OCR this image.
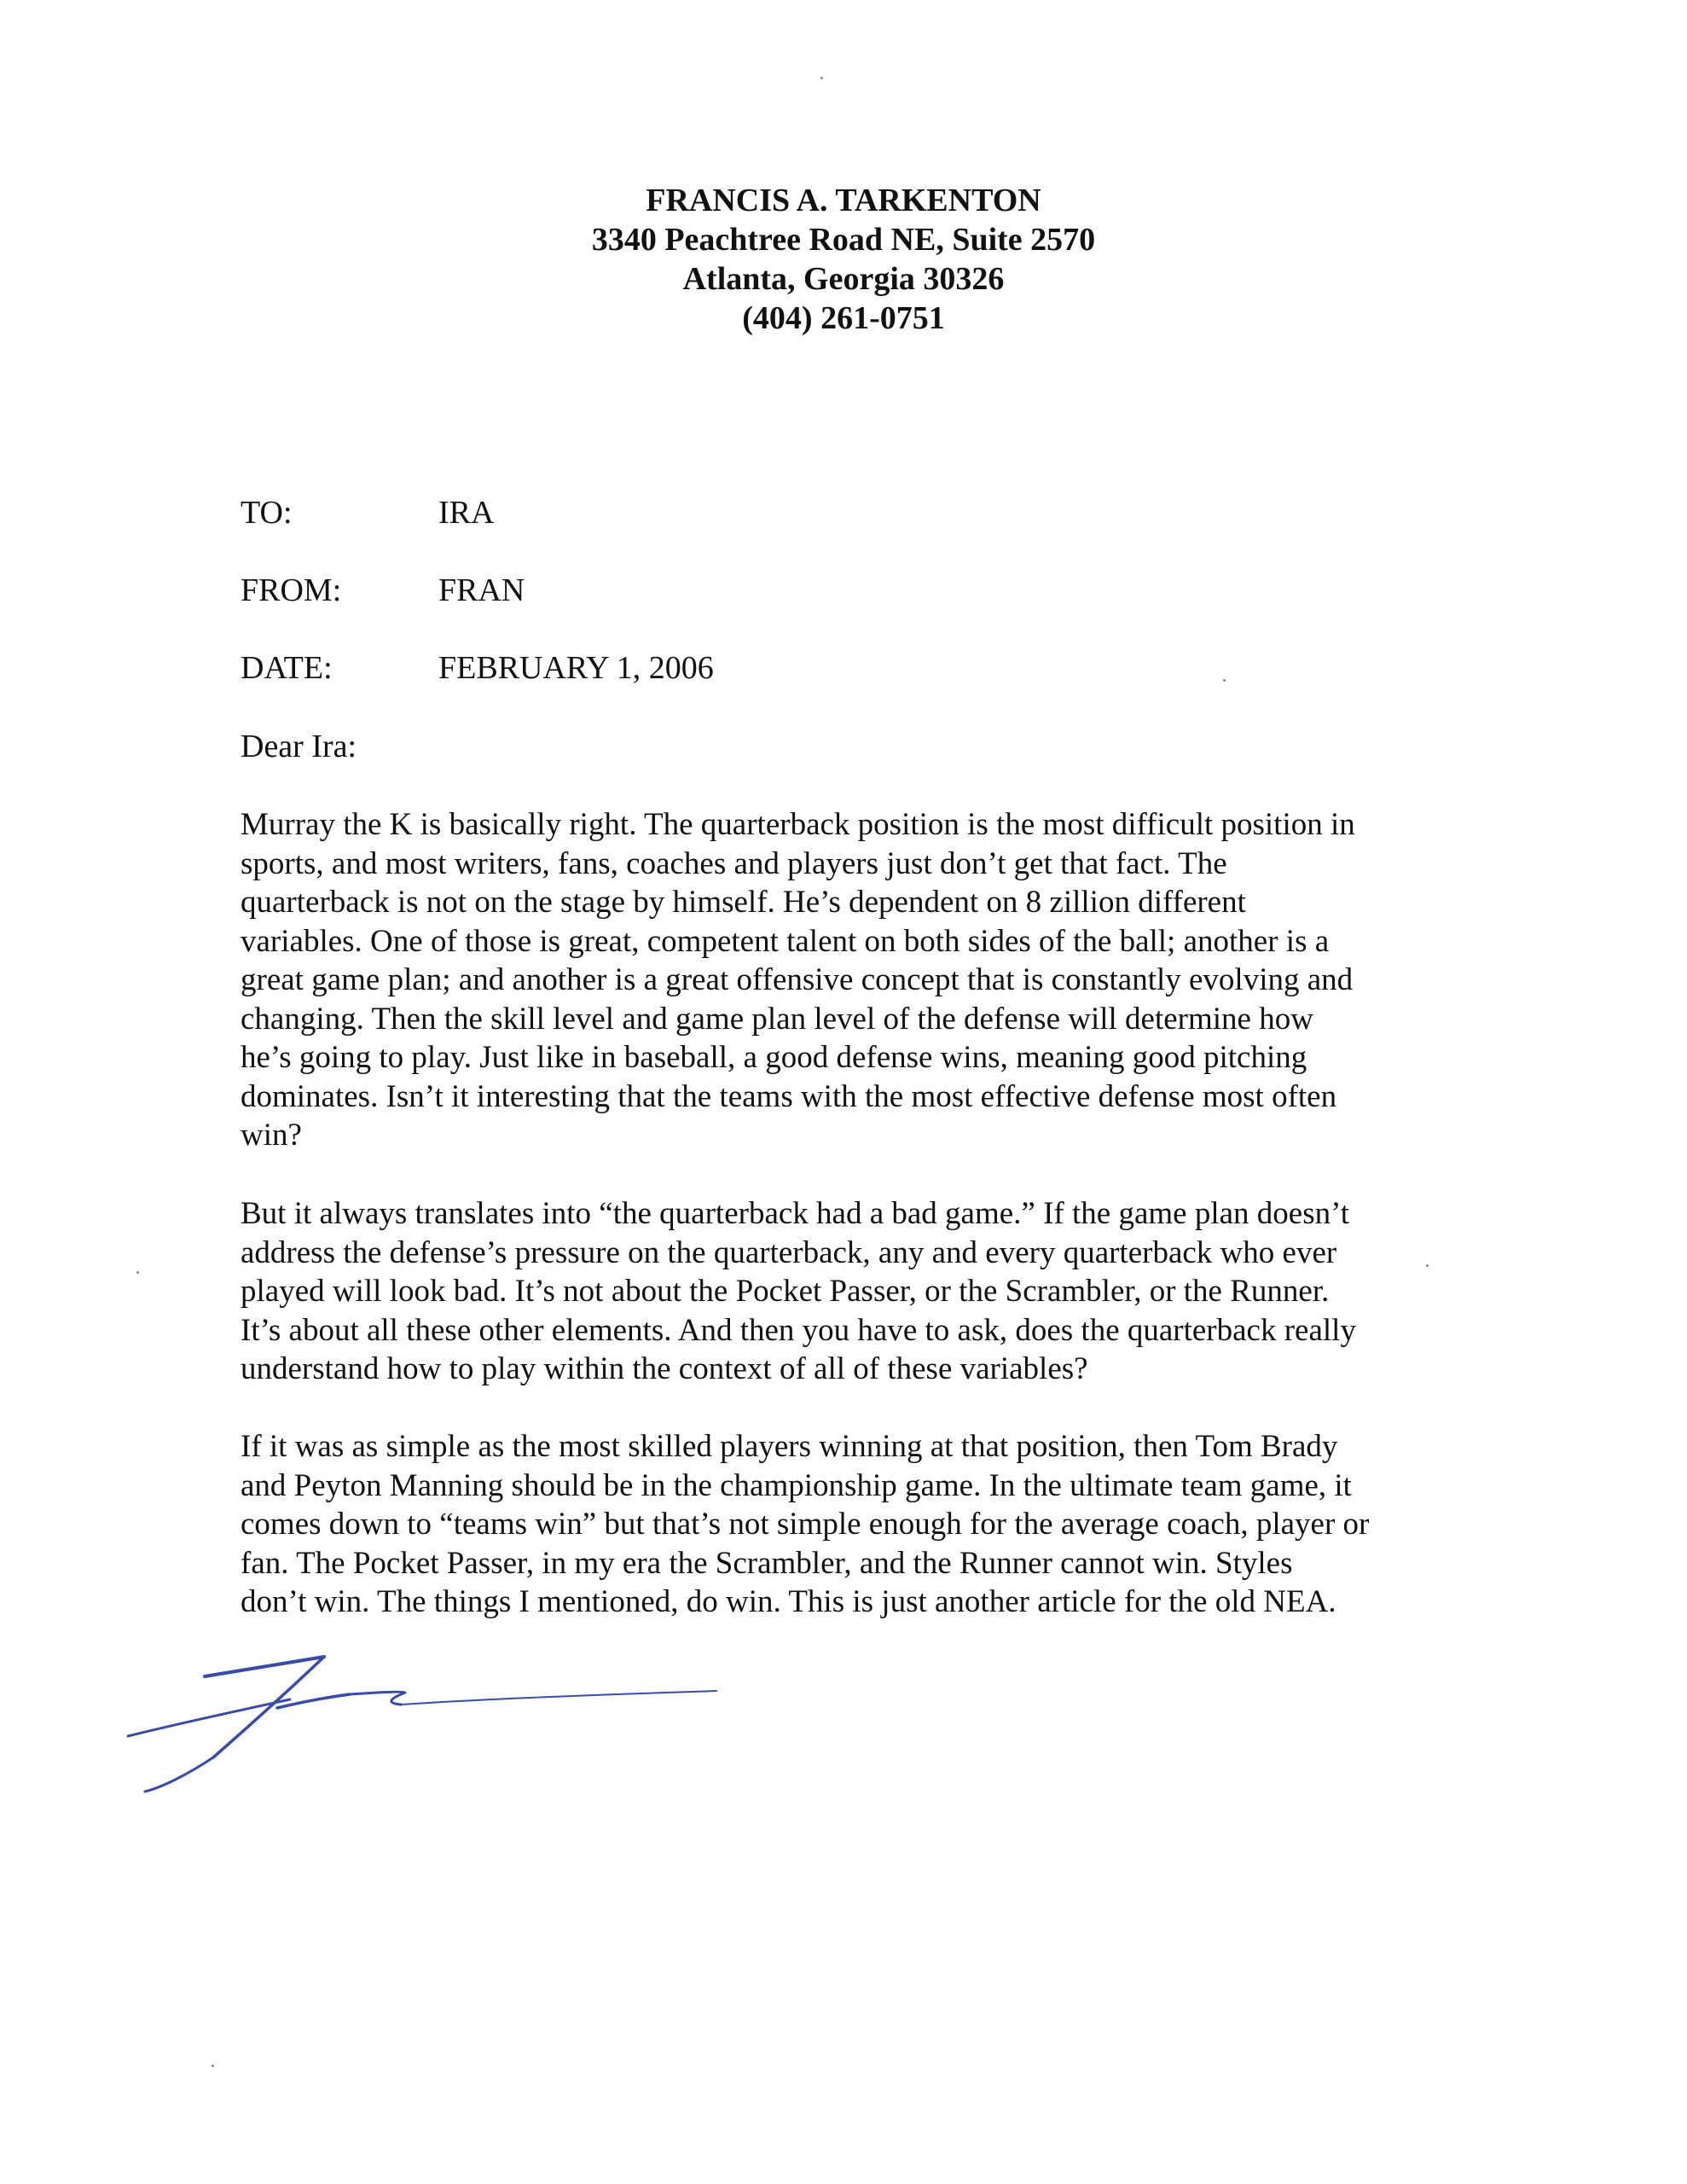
FRANCIS A. TARKENTON
3340 Peachtree Road NE, Suite 2570
Atlanta, Georgia 30326
(404) 261-0751
TO:	IRA
FROM:	FRAN
DATE:	FEBRUARY 1, 2006
Dear Ira:
Murray the K is basically right. The quarterback position is the most difficult position in
sports, and most writers, fans, coaches and players just don’t get that fact. The
quarterback is not on the stage by himself. He’s dependent on 8 zillion different
variables. One of those is great, competent talent on both sides of the ball; another is a
great game plan; and another is a great offensive concept that is constantly evolving and
changing. Then the skill level and game plan level of the defense will determine how
he’s going to play. Just like in baseball, a good defense wins, meaning good pitching
dominates. Isn’t it interesting that the teams with the most effective defense most often
win?
But it always translates into “the quarterback had a bad game.” If the game plan doesn’t
address the defense’s pressure on the quarterback, any and every quarterback who ever
played will look bad. It’s not about the Pocket Passer, or the Scrambler, or the Runner.
It’s about all these other elements. And then you have to ask, does the quarterback really
understand how to play within the context of all of these variables?
If it was as simple as the most skilled players winning at that position, then Tom Brady
and Peyton Manning should be in the championship game. In the ultimate team game, it
comes down to “teams win” but that’s not simple enough for the average coach, player or
fan. The Pocket Passer, in my era the Scrambler, and the Runner cannot win. Styles
don’t win. The things I mentioned, do win. This is just another article for the old NEA.
